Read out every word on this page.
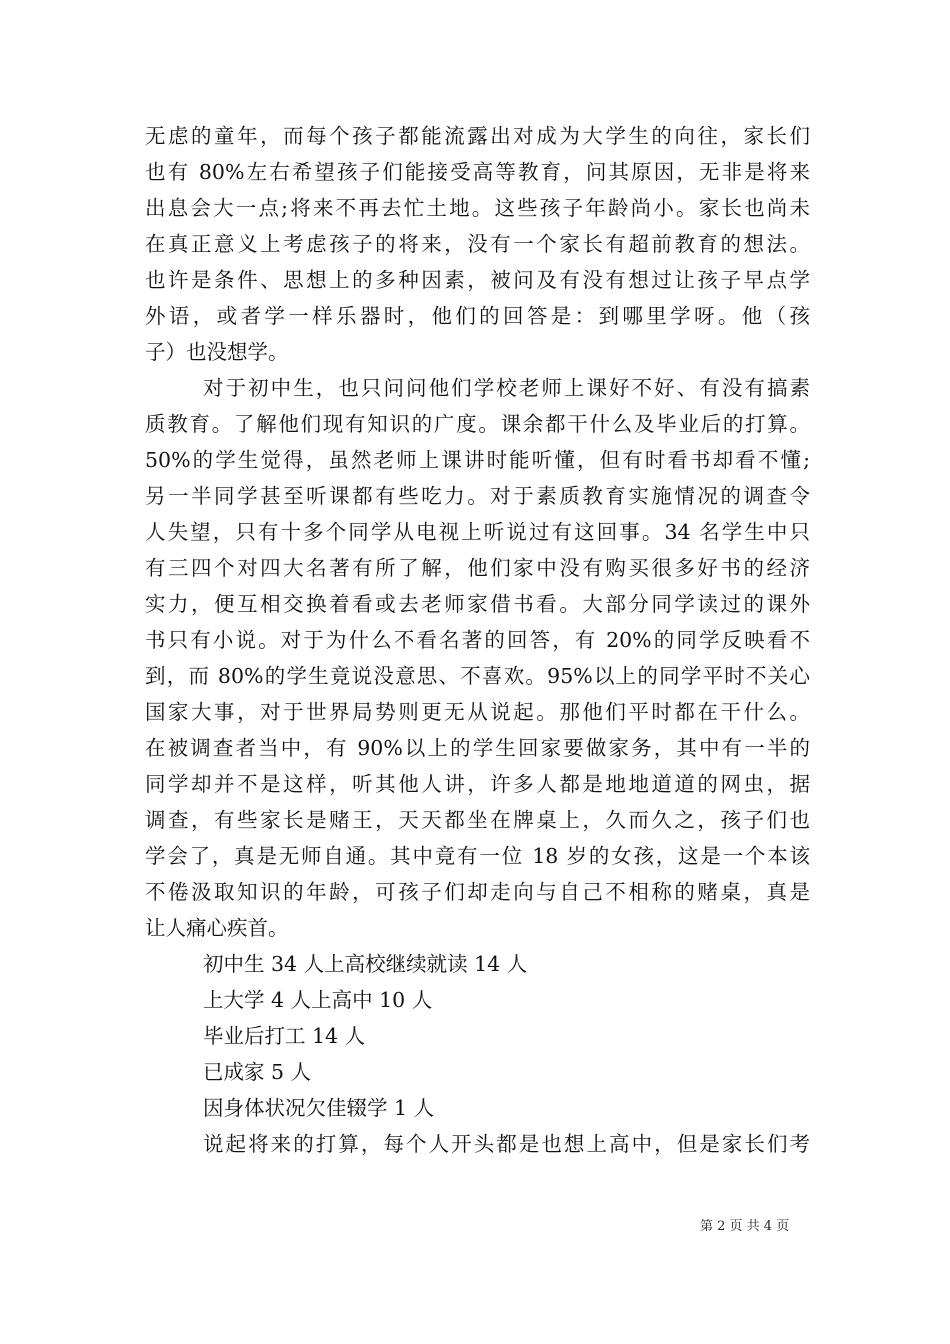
无虑的童年，而每个孩子都能流露出对成为大学生的向往，家长们
也有 80%左右希望孩子们能接受高等教育，问其原因，无非是将来
出息会大一点;将来不再去忙土地。这些孩子年龄尚小。家长也尚未
在真正意义上考虑孩子的将来，没有一个家长有超前教育的想法。
也许是条件、思想上的多种因素，被问及有没有想过让孩子早点学
外语，或者学一样乐器时，他们的回答是：到哪里学呀。他（孩
子）也没想学。
对于初中生，也只问问他们学校老师上课好不好、有没有搞素
质教育。了解他们现有知识的广度。课余都干什么及毕业后的打算。
50%的学生觉得，虽然老师上课讲时能听懂，但有时看书却看不懂;
另一半同学甚至听课都有些吃力。对于素质教育实施情况的调查令
人失望，只有十多个同学从电视上听说过有这回事。34 名学生中只
有三四个对四大名著有所了解，他们家中没有购买很多好书的经济
实力，便互相交换着看或去老师家借书看。大部分同学读过的课外
书只有小说。对于为什么不看名著的回答，有 20%的同学反映看不
到，而 80%的学生竟说没意思、不喜欢。95%以上的同学平时不关心
国家大事，对于世界局势则更无从说起。那他们平时都在干什么。
在被调查者当中，有 90%以上的学生回家要做家务，其中有一半的
同学却并不是这样，听其他人讲，许多人都是地地道道的网虫，据
调查，有些家长是赌王，天天都坐在牌桌上，久而久之，孩子们也
学会了，真是无师自通。其中竟有一位 18 岁的女孩，这是一个本该
不倦汲取知识的年龄，可孩子们却走向与自己不相称的赌桌，真是
让人痛心疾首。
初中生 34 人上高校继续就读 14 人
上大学 4 人上高中 10 人
毕业后打工 14 人
已成家 5 人
因身体状况欠佳辍学 1 人
说起将来的打算，每个人开头都是也想上高中，但是家长们考
第 2 页 共 4 页
